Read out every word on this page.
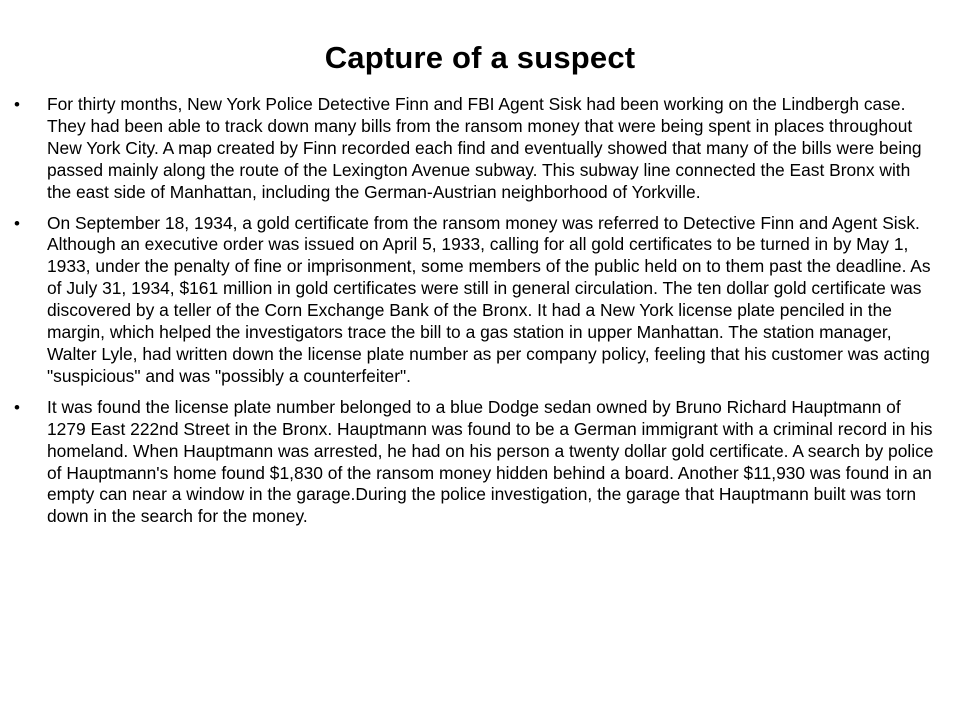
Capture of a suspect
•	For thirty months, New York Police Detective Finn and FBI Agent Sisk had been working on the Lindbergh case. They had been able to track down many bills from the ransom money that were being spent in places throughout New York City. A map created by Finn recorded each find and eventually showed that many of the bills were being passed mainly along the route of the Lexington Avenue subway. This subway line connected the East Bronx with the east side of Manhattan, including the German-Austrian neighborhood of Yorkville.
•	On September 18, 1934, a gold certificate from the ransom money was referred to Detective Finn and Agent Sisk. Although an executive order was issued on April 5, 1933, calling for all gold certificates to be turned in by May 1, 1933, under the penalty of fine or imprisonment, some members of the public held on to them past the deadline. As of July 31, 1934, $161 million in gold certificates were still in general circulation. The ten dollar gold certificate was discovered by a teller of the Corn Exchange Bank of the Bronx. It had a New York license plate penciled in the margin, which helped the investigators trace the bill to a gas station in upper Manhattan. The station manager, Walter Lyle, had written down the license plate number as per company policy, feeling that his customer was acting "suspicious" and was "possibly a counterfeiter".
•	It was found the license plate number belonged to a blue Dodge sedan owned by Bruno Richard Hauptmann of 1279 East 222nd Street in the Bronx. Hauptmann was found to be a German immigrant with a criminal record in his homeland. When Hauptmann was arrested, he had on his person a twenty dollar gold certificate. A search by police of Hauptmann's home found $1,830 of the ransom money hidden behind a board. Another $11,930 was found in an empty can near a window in the garage.During the police investigation, the garage that Hauptmann built was torn down in the search for the money.
